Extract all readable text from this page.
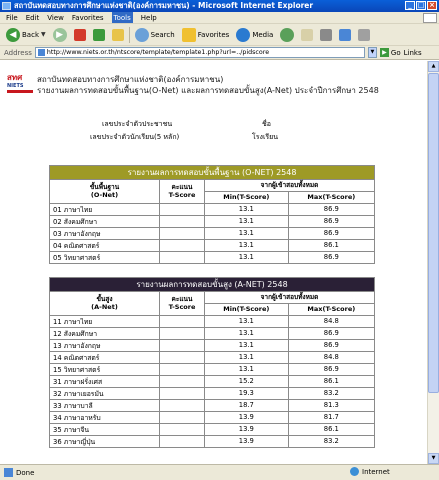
สถาบันทดสอบทางการศึกษาแห่งชาติ(องค์การมหาชน) - Microsoft Internet Explorer	_ □ ×
File Edit View Favorites Tools Help
◀ Back ▼	▶	Search	Favorites	Media
Address http://www.niets.or.th/ntscore/template/template1.php?url=../pidscore	▼	▶ Go Links
สทศ
NIETS
สถาบันทดสอบทางการศึกษาแห่งชาติ(องค์การมหาชน)
รายงานผลการทดสอบขั้นพื้นฐาน(O-Net) และผลการทดสอบขั้นสูง(A-Net) ประจำปีการศึกษา 2548
เลขประจำตัวประชาชน	ชื่อ
เลขประจำตัวนักเรียน(5 หลัก)	โรงเรียน
รายงานผลการทดสอบขั้นพื้นฐาน (O-NET) 2548			
ขั้นพื้นฐาน
(O-Net)	คะแนน
T-Score	จากผู้เข้าสอบทั้งหมด	
		Min(T-Score)	Max(T-Score)
01 ภาษาไทย		13.1	86.9
02 สังคมศึกษา		13.1	86.9
03 ภาษาอังกฤษ		13.1	86.9
04 คณิตศาสตร์		13.1	86.1
05 วิทยาศาสตร์		13.1	86.9
รายงานผลการทดสอบขั้นสูง (A-NET) 2548			
ขั้นสูง
(A-Net)	คะแนน
T-Score	จากผู้เข้าสอบทั้งหมด	
		Min(T-Score)	Max(T-Score)
11 ภาษาไทย		13.1	84.8
12 สังคมศึกษา		13.1	86.9
13 ภาษาอังกฤษ		13.1	86.9
14 คณิตศาสตร์		13.1	84.8
15 วิทยาศาสตร์		13.1	86.9
31 ภาษาฝรั่งเศส		15.2	86.1
32 ภาษาเยอรมัน		19.3	83.2
33 ภาษาบาลี		18.7	81.3
34 ภาษาอาหรับ		13.9	81.7
35 ภาษาจีน		13.9	86.1
36 ภาษาญี่ปุ่น		13.9	83.2
▲
▼
Done	Internet
